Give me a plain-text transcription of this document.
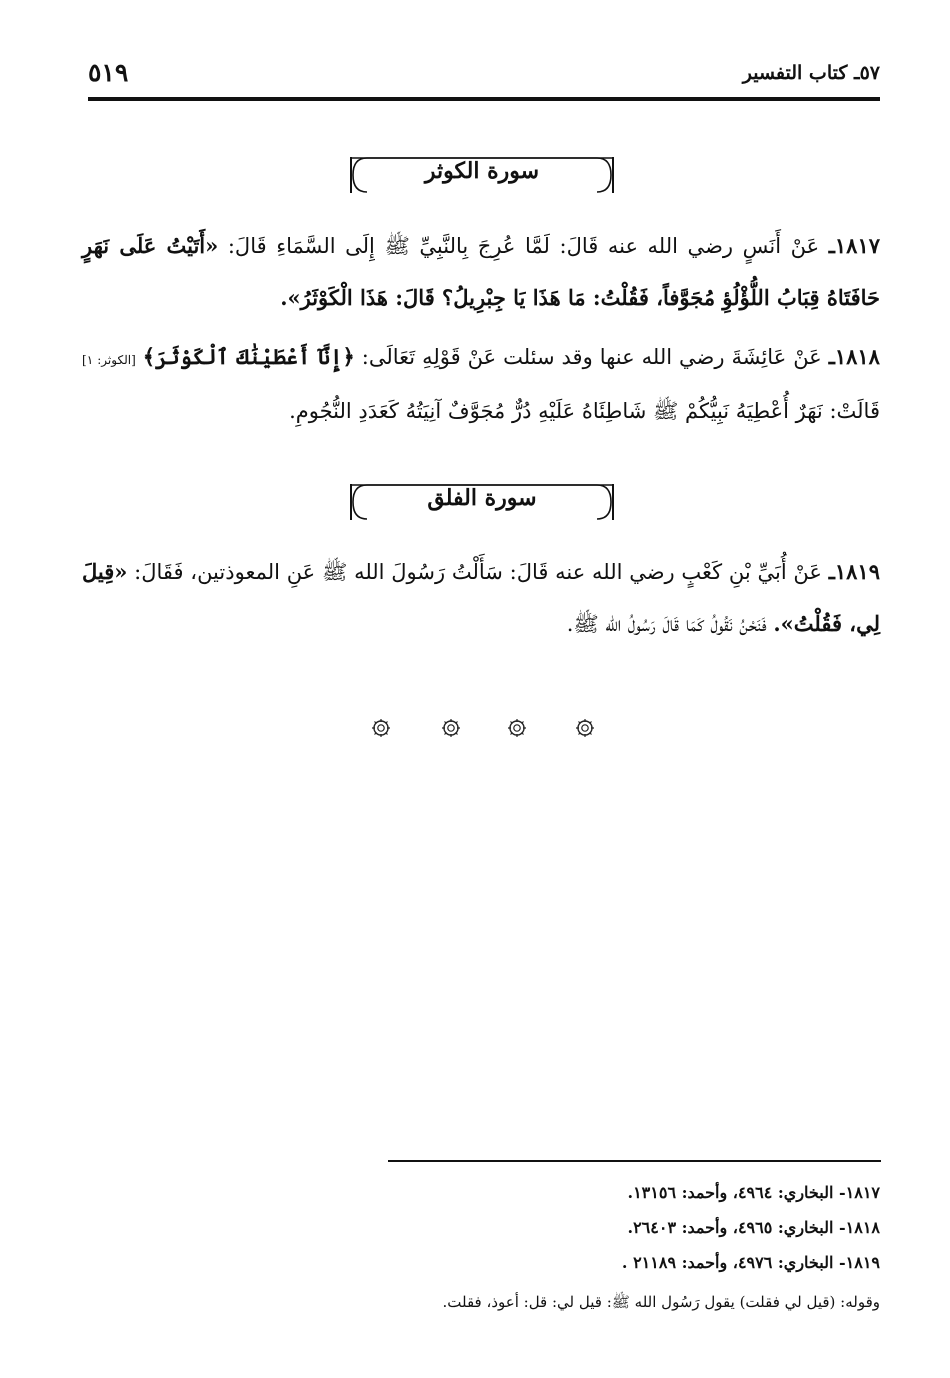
٥٧ـ كتاب التفسير
٥١٩
سورة الكوثر
١٨١٧ـ عَنْ أَنَسٍ رضي الله عنه قَالَ: لَمَّا عُرِجَ بِالنَّبِيِّ ﷺ إِلَى السَّمَاءِ قَالَ: «أَتَيْتُ عَلَى نَهَرٍ حَافَتَاهُ قِبَابُ اللُّؤْلُؤِ مُجَوَّفاً، فَقُلْتُ: مَا هَذَا يَا جِبْرِيلُ؟ قَالَ: هَذَا الْكَوْثَرُ».
١٨١٨ـ عَنْ عَائِشَةَ رضي الله عنها وقد سئلت عَنْ قَوْلِهِ تَعَالَى: ﴿إِنَّآ أَعْطَيْنَٰكَ ٱلْكَوْثَرَ﴾ [الكوثر: ١] قَالَتْ: نَهَرٌ أُعْطِيَهُ نَبِيُّكُمْ ﷺ شَاطِئَاهُ عَلَيْهِ دُرٌّ مُجَوَّفٌ آنِيَتُهُ كَعَدَدِ النُّجُومِ.
سورة الفلق
١٨١٩ـ عَنْ أُبَيِّ بْنِ كَعْبٍ رضي الله عنه قَالَ: سَأَلْتُ رَسُولَ الله ﷺ عَنِ المعوذتين، فَقَالَ: «قِيلَ لِي، فَقُلْتُ». فَنَحْنُ نَقُولُ كَمَا قَالَ رَسُولُ الله ﷺ.
١٨١٧- البخاري: ٤٩٦٤، وأحمد: ١٣١٥٦.
١٨١٨- البخاري: ٤٩٦٥، وأحمد: ٢٦٤٠٣.
١٨١٩- البخاري: ٤٩٧٦، وأحمد: ٢١١٨٩ .
وقوله: (قيل لي فقلت) يقول رَسُول الله ﷺ: قيل لي: قل: أعوذ، فقلت.
